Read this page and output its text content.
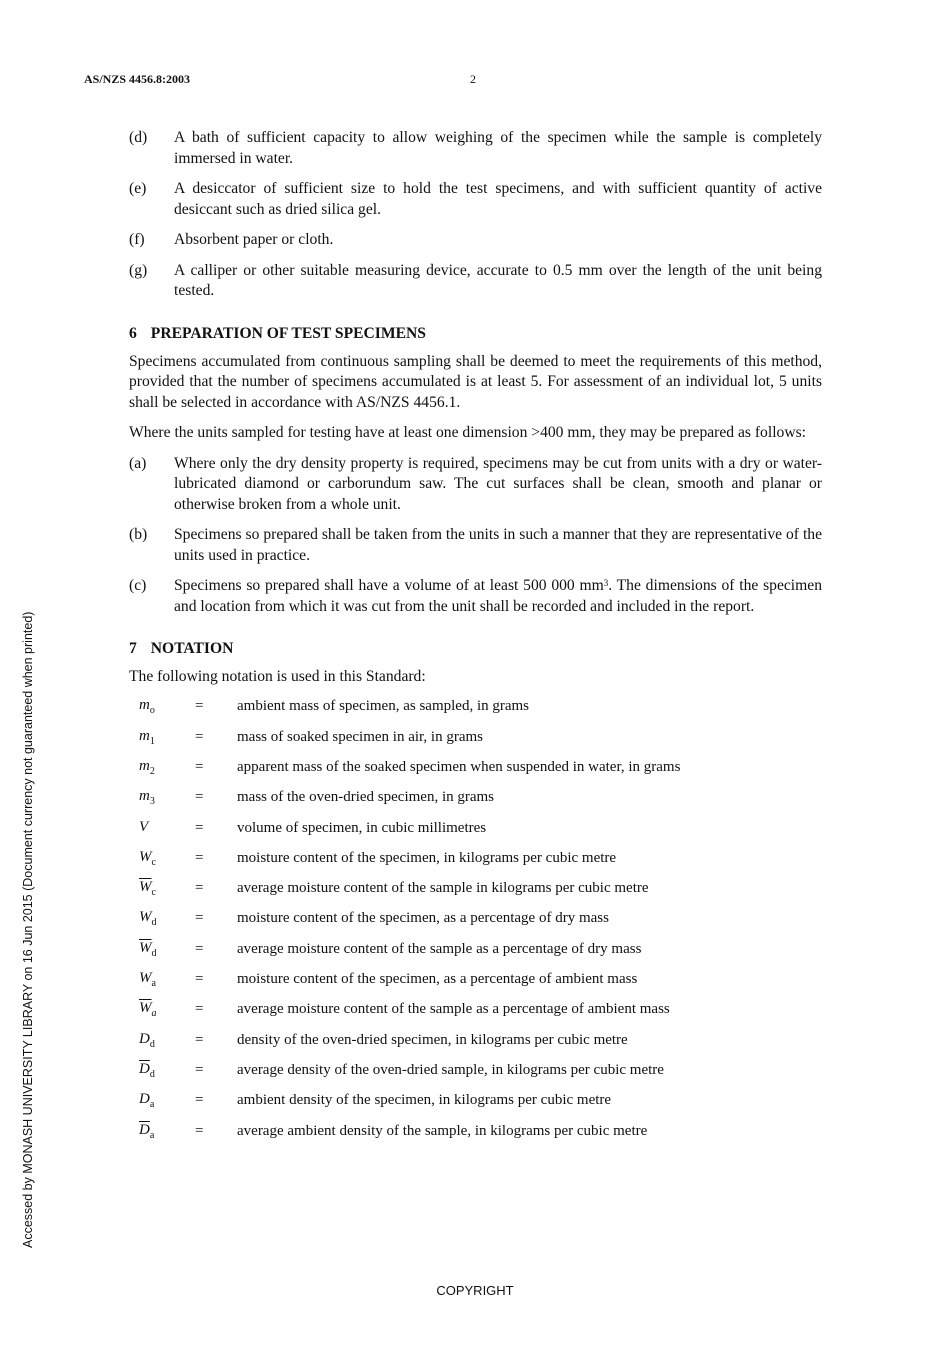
AS/NZS 4456.8:2003	2
Accessed by MONASH UNIVERSITY LIBRARY on 16 Jun 2015 (Document currency not guaranteed when printed)
(d)	A bath of sufficient capacity to allow weighing of the specimen while the sample is completely immersed in water.
(e)	A desiccator of sufficient size to hold the test specimens, and with sufficient quantity of active desiccant such as dried silica gel.
(f)	Absorbent paper or cloth.
(g)	A calliper or other suitable measuring device, accurate to 0.5 mm over the length of the unit being tested.
6 PREPARATION OF TEST SPECIMENS

Specimens accumulated from continuous sampling shall be deemed to meet the requirements of this method, provided that the number of specimens accumulated is at least 5. For assessment of an individual lot, 5 units shall be selected in accordance with AS/NZS 4456.1.

Where the units sampled for testing have at least one dimension >400 mm, they may be prepared as follows:

(a)	Where only the dry density property is required, specimens may be cut from units with a dry or water-lubricated diamond or carborundum saw. The cut surfaces shall be clean, smooth and planar or otherwise broken from a whole unit.
(b)	Specimens so prepared shall be taken from the units in such a manner that they are representative of the units used in practice.
(c)	Specimens so prepared shall have a volume of at least 500 000 $mm^3$. The dimensions of the specimen and location from which it was cut from the unit shall be recorded and included in the report.
7 NOTATION

The following notation is used in this Standard:

$m_o$	=	ambient mass of specimen, as sampled, in grams
$m_1$	=	mass of soaked specimen in air, in grams
$m_2$	=	apparent mass of the soaked specimen when suspended in water, in grams
$m_3$	=	mass of the oven-dried specimen, in grams
V	=	volume of specimen, in cubic millimetres
$W_c$	=	moisture content of the specimen, in kilograms per cubic metre
$\overline{W}_c$	=	average moisture content of the sample in kilograms per cubic metre
$W_d$	=	moisture content of the specimen, as a percentage of dry mass
$\overline{W}_d$	=	average moisture content of the sample as a percentage of dry mass
$W_a$	=	moisture content of the specimen, as a percentage of ambient mass
$\overline{W}_a$	=	average moisture content of the sample as a percentage of ambient mass
$D_d$	=	density of the oven-dried specimen, in kilograms per cubic metre
$\overline{D}_d$	=	average density of the oven-dried sample, in kilograms per cubic metre
$D_a$	=	ambient density of the specimen, in kilograms per cubic metre
$\overline{D}_a$	=	average ambient density of the sample, in kilograms per cubic metre
COPYRIGHT
